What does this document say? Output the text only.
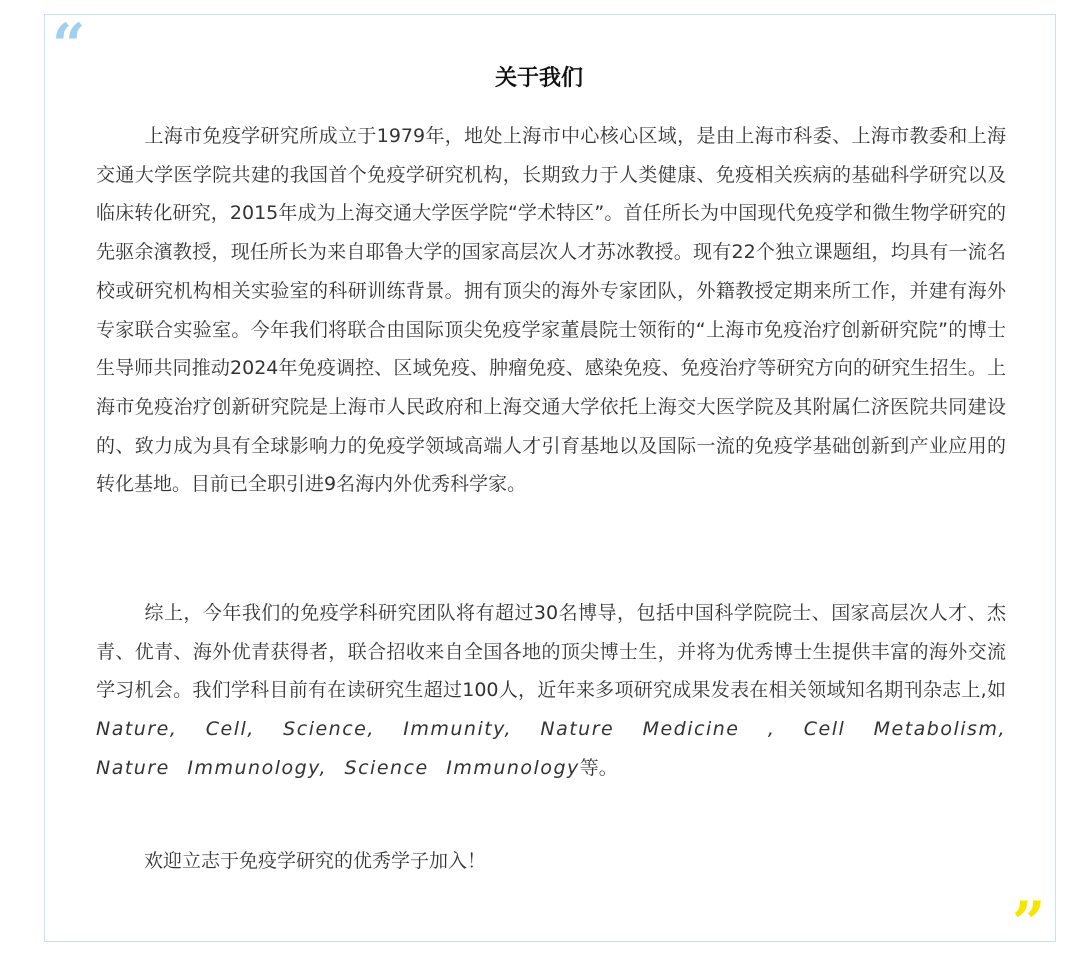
“
”
关于我们

上海市免疫学研究所成立于1979年，地处上海市中心核心区域，是由上海市科委、上海市教委和上海交通大学医学院共建的我国首个免疫学研究机构，长期致力于人类健康、免疫相关疾病的基础科学研究以及临床转化研究，2015年成为上海交通大学医学院“学术特区”。首任所长为中国现代免疫学和微生物学研究的先驱余濱教授，现任所长为来自耶鲁大学的国家高层次人才苏冰教授。现有22个独立课题组，均具有一流名校或研究机构相关实验室的科研训练背景。拥有顶尖的海外专家团队，外籍教授定期来所工作，并建有海外专家联合实验室。今年我们将联合由国际顶尖免疫学家董晨院士领衔的“上海市免疫治疗创新研究院”的博士生导师共同推动2024年免疫调控、区域免疫、肿瘤免疫、感染免疫、免疫治疗等研究方向的研究生招生。上海市免疫治疗创新研究院是上海市人民政府和上海交通大学依托上海交大医学院及其附属仁济医院共同建设的、致力成为具有全球影响力的免疫学领域高端人才引育基地以及国际一流的免疫学基础创新到产业应用的转化基地。目前已全职引进9名海内外优秀科学家。

综上，今年我们的免疫学科研究团队将有超过30名博导，包括中国科学院院士、国家高层次人才、杰青、优青、海外优青获得者，联合招收来自全国各地的顶尖博士生，并将为优秀博士生提供丰富的海外交流学习机会。我们学科目前有在读研究生超过100人，近年来多项研究成果发表在相关领域知名期刊杂志上,如Nature, Cell, Science, Immunity, Nature Medicine , Cell Metabolism, Nature Immunology, Science Immunology等。

欢迎立志于免疫学研究的优秀学子加入！
